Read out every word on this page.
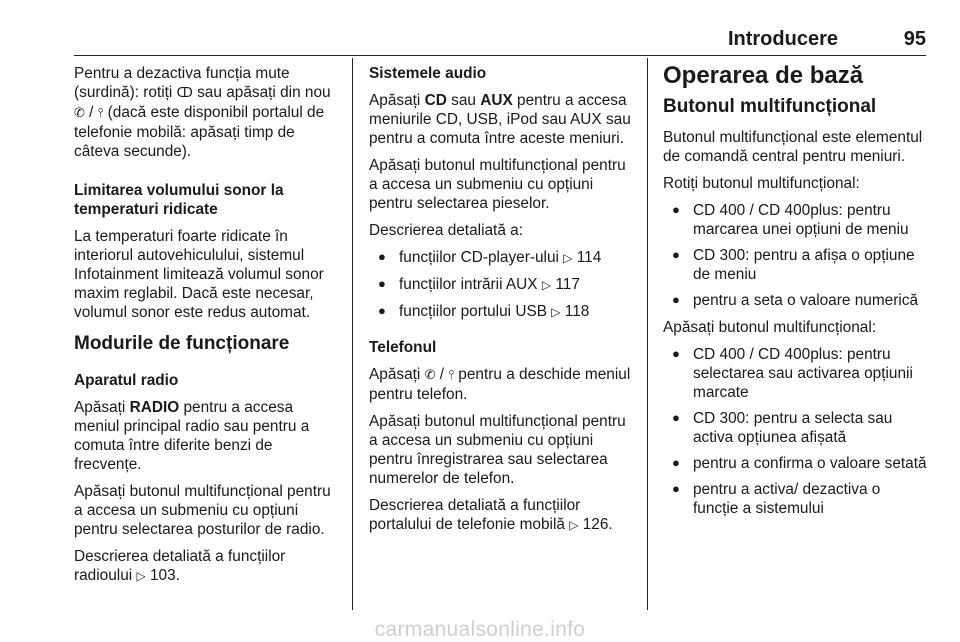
Introducere	95

Pentru a dezactiva funcția mute (surdină): rotiți ↀ sau apăsați din nou
✆ / ⫯ (dacă este disponibil portalul de telefonie mobilă: apăsați timp de câteva secunde).

Limitarea volumului sonor la temperaturi ridicate

La temperaturi foarte ridicate în interiorul autovehiculului, sistemul Infotainment limitează volumul sonor maxim reglabil. Dacă este necesar, volumul sonor este redus automat.

Modurile de funcționare

Aparatul radio

Apăsați RADIO pentru a accesa meniul principal radio sau pentru a comuta între diferite benzi de frecvențe.

Apăsați butonul multifuncțional pentru a accesa un submeniu cu opțiuni pentru selectarea posturilor de radio.

Descrierea detaliată a funcțiilor radioului ▷ 103.

Sistemele audio

Apăsați CD sau AUX pentru a accesa meniurile CD, USB, iPod sau AUX sau pentru a comuta între aceste meniuri.

Apăsați butonul multifuncțional pentru a accesa un submeniu cu opțiuni pentru selectarea pieselor.

Descrierea detaliată a:

● funcțiilor CD-player-ului ▷ 114
● funcțiilor intrării AUX ▷ 117
● funcțiilor portului USB ▷ 118

Telefonul

Apăsați ✆ / ⫯ pentru a deschide meniul pentru telefon.

Apăsați butonul multifuncțional pentru a accesa un submeniu cu opțiuni pentru înregistrarea sau selectarea numerelor de telefon.

Descrierea detaliată a funcțiilor portalului de telefonie mobilă ▷ 126.

Operarea de bază
Butonul multifuncțional

Butonul multifuncțional este elementul de comandă central pentru meniuri.

Rotiți butonul multifuncțional:

● CD 400 / CD 400plus: pentru marcarea unei opțiuni de meniu
● CD 300: pentru a afișa o opțiune de meniu
● pentru a seta o valoare numerică

Apăsați butonul multifuncțional:

● CD 400 / CD 400plus: pentru selectarea sau activarea opțiunii marcate
● CD 300: pentru a selecta sau activa opțiunea afișată
● pentru a confirma o valoare setată
● pentru a activa/ dezactiva o funcție a sistemului
carmanualsonline.info
